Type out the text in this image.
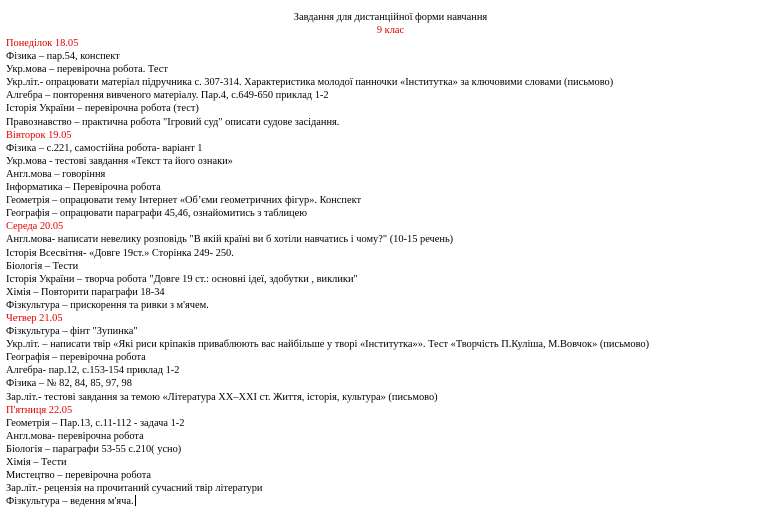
Завдання для дистанційної форми навчання
9 клас
Понеділок 18.05
Фізика – пар.54, конспект
Укр.мова – перевірочна робота. Тест
Укр.літ.- опрацювати матеріал підручника с. 307-314. Характеристика молодої панночки «Інститутка» за ключовими словами (письмово)
Алгебра – повторення вивченого матеріалу. Пар.4, с.649-650 приклад 1-2
Історія України – перевірочна робота (тест)
Правознавство – практична робота "Ігровий суд" описати судове засідання.
Вівторок 19.05
Фізика – с.221, самостійна робота- варіант 1
Укр.мова - тестові завдання «Текст та його ознаки»
Англ.мова – говоріння
Інформатика – Перевірочна робота
Геометрія – опрацювати тему Інтернет «Об’єми геометричних фігур». Конспект
Географія – опрацювати параграфи 45,46, ознайомитись з таблицею
Середа 20.05
Англ.мова- написати невелику розповідь "В якій країні ви б хотіли навчатись і чому?" (10-15 речень)
Історія Всесвітня- «Довге 19ст.» Сторінка 249- 250.
Біологія – Тести
Історія України – творча робота "Довге 19 ст.: основні ідеї, здобутки , виклики"
Хімія – Повторити параграфи 18-34
Фізкультура – прискорення та ривки з м'ячем.
Четвер 21.05
Фізкультура – фінт "Зупинка"
Укр.літ. – написати твір «Які риси кріпаків приваблюють вас найбільше у творі «Інститутка»». Тест «Творчість П.Куліша, М.Вовчок» (письмово)
Географія – перевірочна робота
Алгебра- пар.12, с.153-154 приклад 1-2
Фізика – № 82, 84, 85, 97, 98
Зар.літ.- тестові завдання за темою «Література ХХ–ХХІ ст. Життя, історія, культура» (письмово)
П'ятниця 22.05
Геометрія – Пар.13, с.11-112 - задача 1-2
Англ.мова- перевірочна робота
Біологія – параграфи 53-55 с.210( усно)
Хімія – Тести
Мистецтво – перевірочна робота
Зар.літ.- рецензія на прочитаний сучасний твір літератури
Фізкультура – ведення м'яча.
